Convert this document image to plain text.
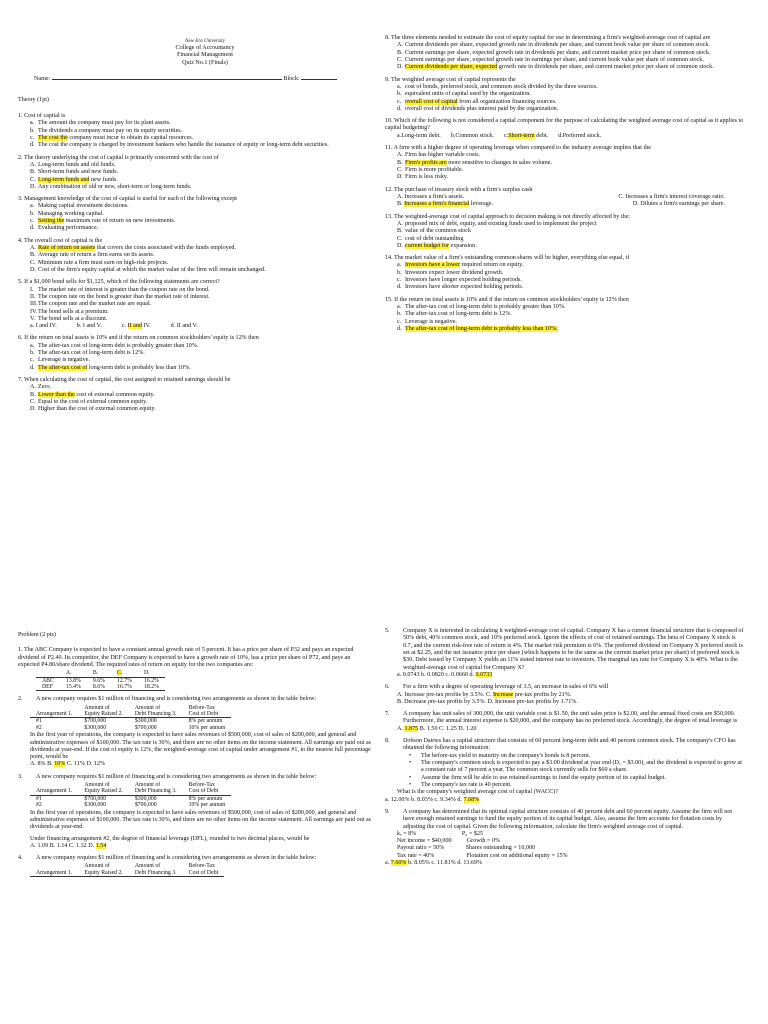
New Era University
College of Accountancy
Financial Management
Quiz No.1 (Finals)
Name:	Block:
Theory (1pt)

1. Cost of capital is

a. The amount the company must pay for its plant assets.
b. The dividends a company must pay on its equity securities.
c. The cost the company must incur to obtain its capital resources.
d. The cost the company is charged by investment bankers who handle the issuance of equity or long-term debt securities.

2. The theory underlying the cost of capital is primarily concerned with the cost of

A. Long-term funds and old funds.
B. Short-term funds and new funds.
C. Long-term funds and new funds.
D. Any combination of old or new, short-term or long-term funds.

3. Management knowledge of the cost of capital is useful for each of the following except

a. Making capital investment decisions.
b. Managing working capital.
c. Setting the maximum rate of return on new investments.
d. Evaluating performance.

4. The overall cost of capital is the

A. Rate of return on assets that covers the costs associated with the funds employed.
B. Average rate of return a firm earns on its assets.
C. Minimum rate a firm must earn on high-risk projects.
D. Cost of the firm's equity capital at which the market value of the firm will remain unchanged.

5. If a $1,000 bond sells for $1,125, which of the following statements are correct?

I. The market rate of interest is greater than the coupon rate on the bond.
II. The coupon rate on the bond is greater than the market rate of interest.
III. The coupon rate and the market rate are equal.
IV. The bond sells at a premium.
V. The bond sells at a discount.
a. I and IV.	b. I and V.	c. II and IV.	d. II and V.

6. If the return on total assets is 10% and if the return on common stockholders' equity is 12% then

a. The after-tax cost of long-term debt is probably greater than 10%.
b. The after-tax cost of long-term debt is 12%.
c. Leverage is negative.
d. The after-tax cost of long-term debt is probably less than 10%.

7. When calculating the cost of capital, the cost assigned to retained earnings should be

A. Zero.
B. Lower than the cost of external common equity.
C. Equal to the cost of external common equity.
D. Higher than the cost of external common equity.

8. The three elements needed to estimate the cost of equity capital for use in determining a firm's weighted-average cost of capital are

A. Current dividends per share, expected growth rate in dividends per share, and current book value per share of common stock.
B. Current earnings per share, expected growth rate in dividends per share, and current market price per share of common stock.
C. Current earnings per share, expected growth rate in earnings per share, and current book value per share of common stock.
D. Current dividends per share, expected growth rate in dividends per share, and current market price per share of common stock.

9. The weighted average cost of capital represents the

a. cost of bonds, preferred stock, and common stock divided by the three sources.
b. equivalent units of capital used by the organization.
c. overall cost of capital from all organization financing sources.
d. overall cost of dividends plus interest paid by the organization.

10. Which of the following is not considered a capital component for the purpose of calculating the weighted average cost of capital as it applies to capital budgeting?

a.Long-term debt. b.Common stock. c.Short-term debt. d.Preferred stock.

11. A firm with a higher degree of operating leverage when compared to the industry average implies that the

A. Firm has higher variable costs.
B. Firm's profits are more sensitive to changes in sales volume.
C. Firm is more profitable.
D. Firm is less risky.

12. The purchase of treasury stock with a firm's surplus cash

A. Increases a firm's assets.	C. Increases a firm's interest coverage ratio.
B. Increases a firm's financial leverage.	D. Dilutes a firm's earnings per share.

13. The weighted-average cost of capital approach to decision making is not directly affected by the:

A. proposed mix of debt, equity, and existing funds used to implement the project
B. value of the common stock
C. cost of debt outstanding
D. current budget for expansion.

14. The market value of a firm's outstanding common shares will be higher, everything else equal, if

a. Investors have a lower required return on equity.
b. Investors expect lower dividend growth.
c. Investors have longer expected holding periods.
d. Investors have shorter expected holding periods.

15. If the return on total assets is 10% and if the return on common stockholders' equity is 12% then

a. The after-tax cost of long-term debt is probably greater than 10%.
b. The after-tax cost of long-term debt is 12%.
c. Leverage is negative.
d. The after-tax cost of long-term debt is probably less than 10%.
Problem (2 pts)

1. The ABC Company is expected to have a constant annual growth rate of 5 percent. It has a price per share of P32 and pays an expected dividend of P2.40. Its competitor, the DEF Company is expected to have a growth rate of 10%, has a price per share of P72, and pays an expected P4.80/share dividend. The required rates of return on equity for the two companies are:

	A.	B.	C.	D.
ABC	13.8%	9.6%	12.7%	16.2%
DEF	15.4%	8.6%	16.7%	18.2%
2.	A new company requires $1 million of financing and is considering two arrangements as shown in the table below:
	Amount of	Amount of	Before-Tax
Arrangement 1.	Equity Raised 2.	Debt Financing 3.	Cost of Debt
#1	$700,000	$300,000	8% per annum
#2	$300,000	$700,000	10% per annum

In the first year of operations, the company is expected to have sales revenues of $500,000, cost of sales of $200,000, and general and administrative expenses of $100,000. The tax rate is 30%, and there are no other items on the income statement. All earnings are paid out as dividends at year-end. If the cost of equity is 12%, the weighted-average cost of capital under arrangement #1, to the nearest full percentage point, would be

A. 8% B. 10% C. 11% D. 12%
3.	A new company requires $1 million of financing and is considering two arrangements as shown in the table below:
	Amount of	Amount of	Before-Tax
Arrangement 1.	Equity Raised 2.	Debt Financing 3.	Cost of Debt
#1	$700,000	$300,000	8% per annum
#2	$300,000	$700,000	10% per annum

In the first year of operations, the company is expected to have sales revenues of $500,000, cost of sales of $200,000, and general and administrative expenses of $100,000. The tax rate is 30%, and there are no other items on the income statement. All earnings are paid out as dividends at year-end.

Under financing arrangement #2, the degree of financial leverage (DFL), rounded to two decimal places, would be

A. 1.09 B. 1.14 C. 1.32 D. 1.54
4.	A new company requires $1 million of financing and is considering two arrangements as shown in the table below:
	Amount of	Amount of	Before-Tax
Arrangement 1.	Equity Raised 2.	Debt Financing 3.	Cost of Debt
5.	Company X is interested in calculating it weighted-average cost of capital. Company X has a current financial structure that is composed of 50% debt, 40% common stock, and 10% preferred stock. Ignore the effects of cost of retained earnings. The beta of Company X stock is 0.7, and the current risk-free rate of return is 4%. The market risk premium is 6%. The preferred dividend on Company X preferred stock is set at $2.25, and the net issuance price per share (which happens to be the same as the current market price per share) of preferred stock is $30. Debt issued by Company X yields an 11% stated interest rate to investors. The marginal tax rate for Company X is 40%. What is the weighted-average cost of capital for Company X?
a. 0.0743 b. 0.0820 c. 0.0660 d. 0.0733
6.	For a firm with a degree of operating leverage of 3.5, an increase in sales of 6% will
A. Increase pre-tax profits by 3.5%. C. Increase pre-tax profits by 21%.
B. Decrease pre-tax profits by 3.5%. D. Increase pre-tax profits by 1.71%.
7.	A company has unit sales of 300,000, the unit variable cost is $1.50, the unit sales price is $2.00, and the annual fixed costs are $50,000. Furthermore, the annual interest expense is $20,000, and the company has no preferred stock. Accordingly, the degree of total leverage is
A. 1.875 B. 1.50 C. 1.25 D. 1.20
8.	Dobson Dairies has a capital structure that consists of 60 percent long-term debt and 40 percent common stock. The company's CFO has obtained the following information:
•	The before-tax yield to maturity on the company's bonds is 8 percent.
•	The company's common stock is expected to pay a $3.00 dividend at year end (D₁ = $3.00), and the dividend is expected to grow at a constant rate of 7 percent a year. The common stock currently sells for $60 a share.
•	Assume the firm will be able to use retained earnings to fund the equity portion of its capital budget.
•	The company's tax rate is 40 percent.
What is the company's weighted average cost of capital (WACC)?
a. 12.00% b. 8.03% c. 9.34% d. 7.68%
9.	A company has determined that its optimal capital structure consists of 40 percent debt and 60 percent equity. Assume the firm will not have enough retained earnings to fund the equity portion of its capital budget. Also, assume the firm accounts for flotation costs by adjusting the cost of capital. Given the following information, calculate the firm's weighted average cost of capital.
kₑ = 8%                              P₀ = $25
Net income = $40,000          Growth = 0%
Payout ratio = 50%              Shares outstanding = 10,000
Tax rate = 40%                     Flotation cost on additional equity = 15%
a. 7.60% b. 8.05% c. 11.81% d. 13.69%
